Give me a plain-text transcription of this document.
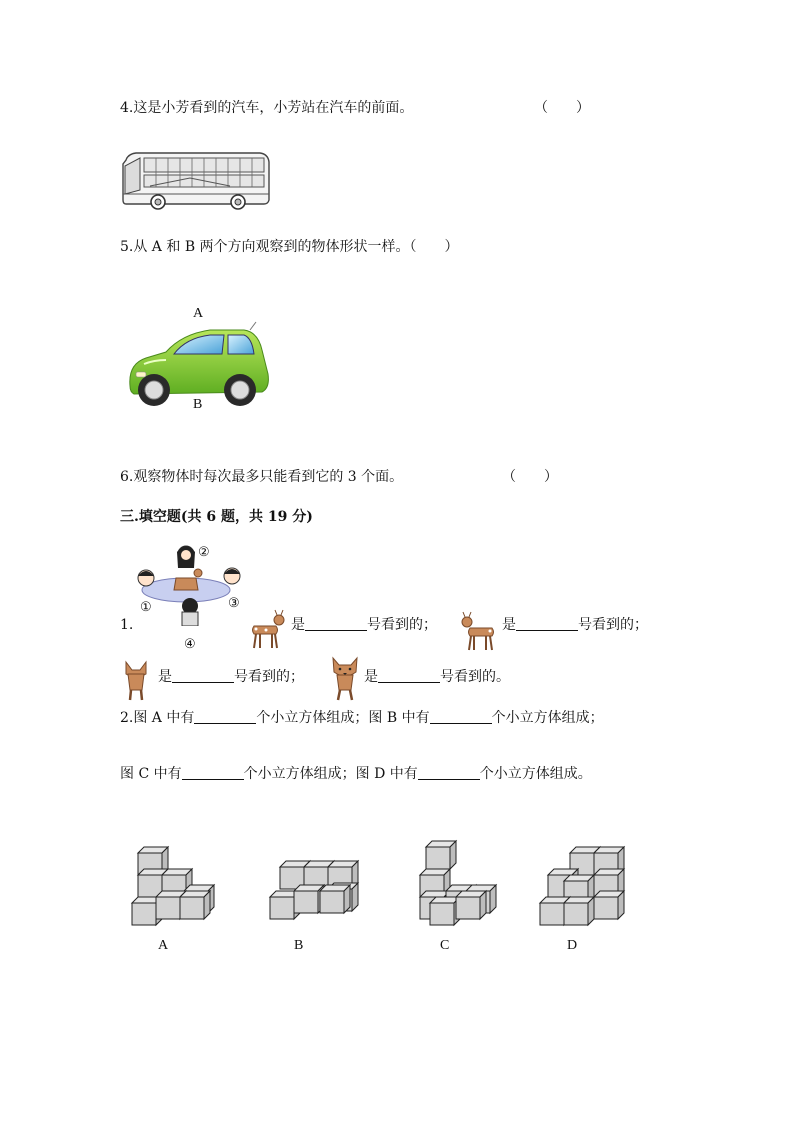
4.这是小芳看到的汽车，小芳站在汽车的前面。	（　　）
5.从 A 和 B 两个方向观察到的物体形状一样。（　　）
A
B
6.观察物体时每次最多只能看到它的 3 个面。	（　　）
三.填空题(共 6 题，共 19 分)
②
①	③
④
1.	是	号看到的；	是	号看到的；
是	号看到的；	是	号看到的。
2.图 A 中有	个小立方体组成；图 B 中有	个小立方体组成；
图 C 中有	个小立方体组成；图 D 中有	个小立方体组成。
A	B	C	D
